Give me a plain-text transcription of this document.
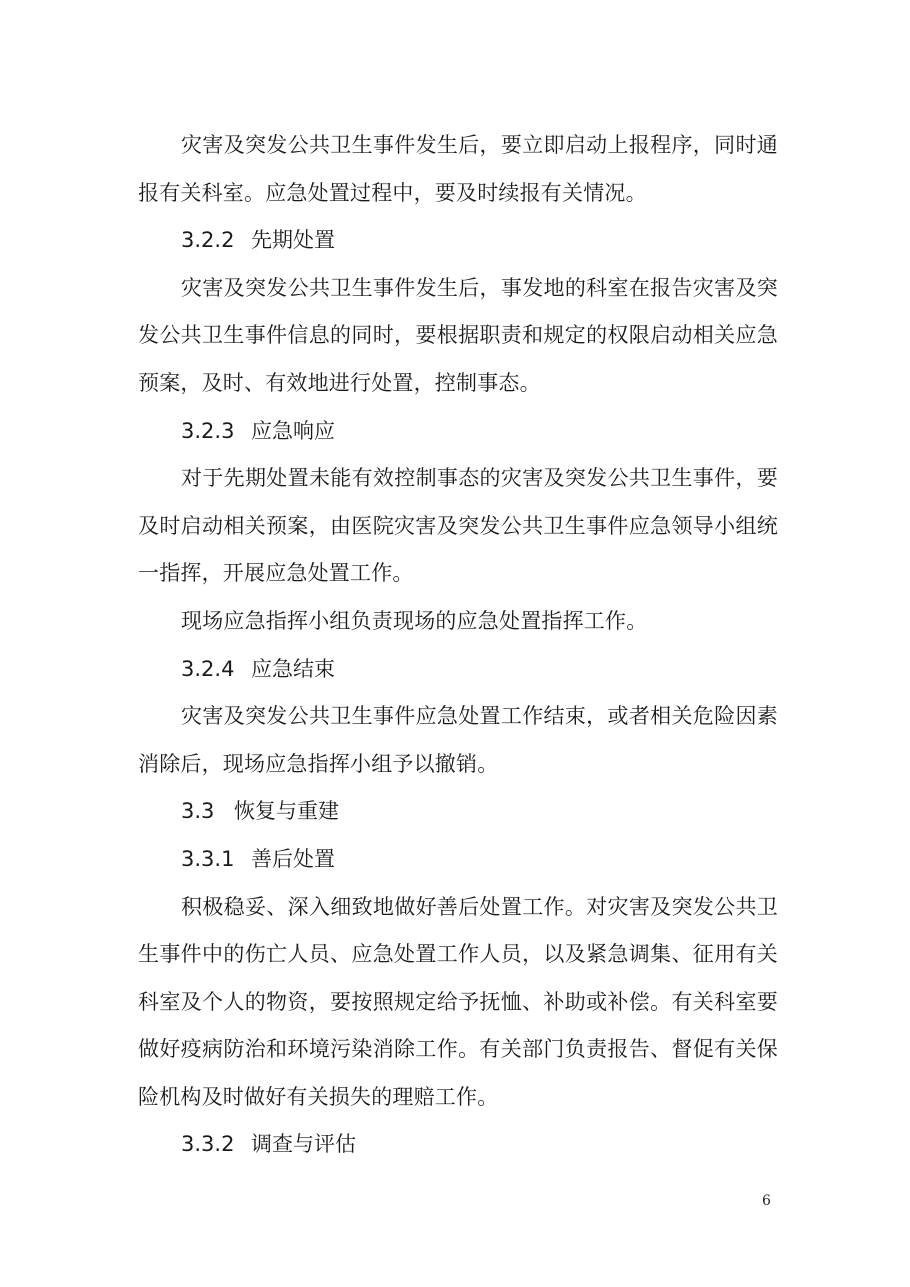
灾害及突发公共卫生事件发生后，要立即启动上报程序，同时通报有关科室。应急处置过程中，要及时续报有关情况。

3.2.2 先期处置

灾害及突发公共卫生事件发生后，事发地的科室在报告灾害及突发公共卫生事件信息的同时，要根据职责和规定的权限启动相关应急预案，及时、有效地进行处置，控制事态。

3.2.3 应急响应

对于先期处置未能有效控制事态的灾害及突发公共卫生事件，要及时启动相关预案，由医院灾害及突发公共卫生事件应急领导小组统一指挥，开展应急处置工作。

现场应急指挥小组负责现场的应急处置指挥工作。

3.2.4 应急结束

灾害及突发公共卫生事件应急处置工作结束，或者相关危险因素消除后，现场应急指挥小组予以撤销。

3.3 恢复与重建
3.3.1 善后处置

积极稳妥、深入细致地做好善后处置工作。对灾害及突发公共卫生事件中的伤亡人员、应急处置工作人员，以及紧急调集、征用有关科室及个人的物资，要按照规定给予抚恤、补助或补偿。有关科室要做好疫病防治和环境污染消除工作。有关部门负责报告、督促有关保险机构及时做好有关损失的理赔工作。

3.3.2 调查与评估
6
